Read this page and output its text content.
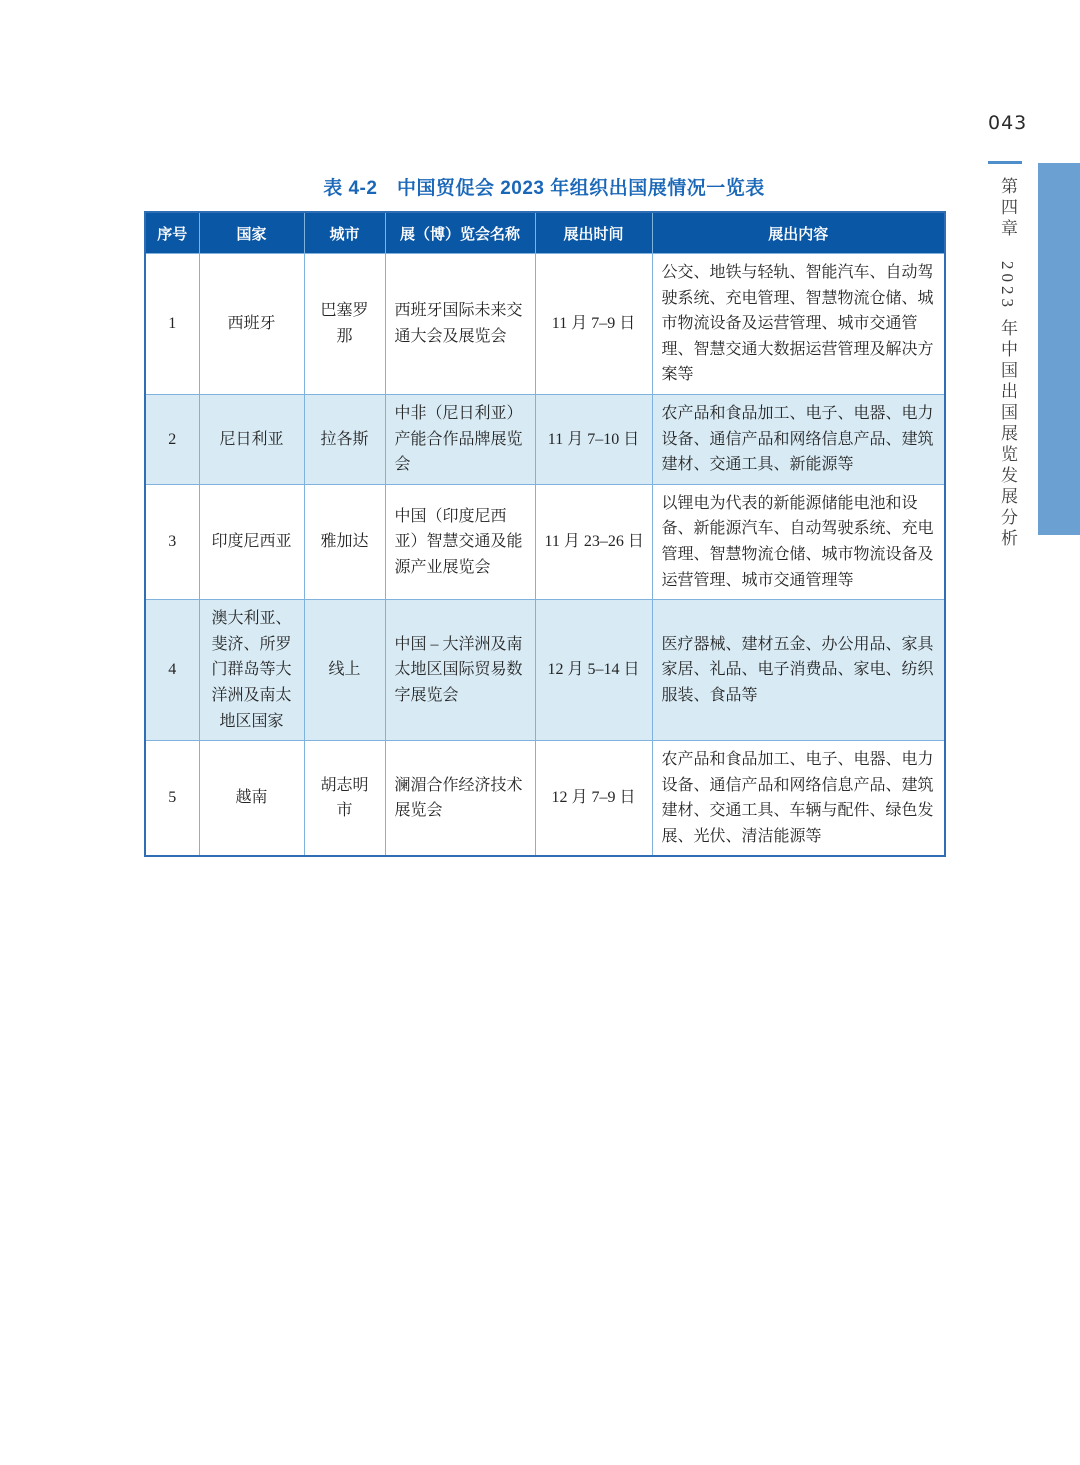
043
第四章　2023 年中国出国展览发展分析
表 4-2　中国贸促会 2023 年组织出国展情况一览表
序号	国家	城市	展（博）览会名称	展出时间	展出内容
1	西班牙	巴塞罗那	西班牙国际未来交通大会及展览会	11 月 7–9 日	公交、地铁与轻轨、智能汽车、自动驾驶系统、充电管理、智慧物流仓储、城市物流设备及运营管理、城市交通管理、智慧交通大数据运营管理及解决方案等
2	尼日利亚	拉各斯	中非（尼日利亚）产能合作品牌展览会	11 月 7–10 日	农产品和食品加工、电子、电器、电力设备、通信产品和网络信息产品、建筑建材、交通工具、新能源等
3	印度尼西亚	雅加达	中国（印度尼西亚）智慧交通及能源产业展览会	11 月 23–26 日	以锂电为代表的新能源储能电池和设备、新能源汽车、自动驾驶系统、充电管理、智慧物流仓储、城市物流设备及运营管理、城市交通管理等
4	澳大利亚、斐济、所罗门群岛等大洋洲及南太地区国家	线上	中国 – 大洋洲及南太地区国际贸易数字展览会	12 月 5–14 日	医疗器械、建材五金、办公用品、家具家居、礼品、电子消费品、家电、纺织服装、食品等
5	越南	胡志明市	澜湄合作经济技术展览会	12 月 7–9 日	农产品和食品加工、电子、电器、电力设备、通信产品和网络信息产品、建筑建材、交通工具、车辆与配件、绿色发展、光伏、清洁能源等
